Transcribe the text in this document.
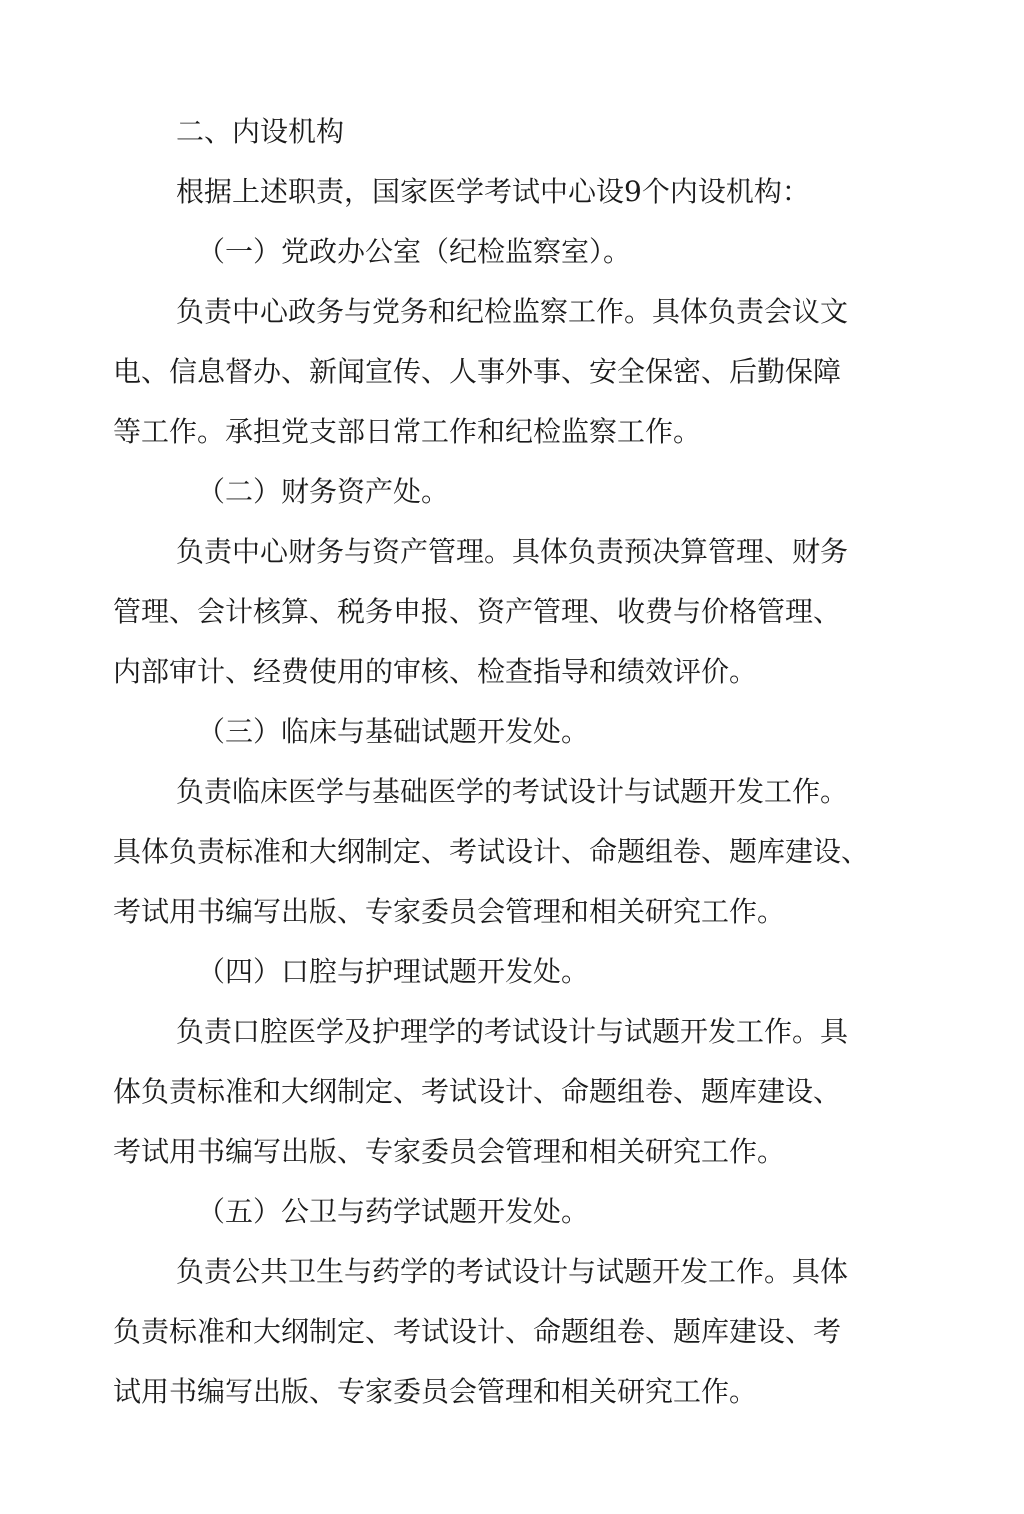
二、内设机构
根据上述职责，国家医学考试中心设9个内设机构：
（一）党政办公室（纪检监察室）。
负责中心政务与党务和纪检监察工作。具体负责会议文
电、信息督办、新闻宣传、人事外事、安全保密、后勤保障
等工作。承担党支部日常工作和纪检监察工作。
（二）财务资产处。
负责中心财务与资产管理。具体负责预决算管理、财务
管理、会计核算、税务申报、资产管理、收费与价格管理、
内部审计、经费使用的审核、检查指导和绩效评价。
（三）临床与基础试题开发处。
负责临床医学与基础医学的考试设计与试题开发工作。
具体负责标准和大纲制定、考试设计、命题组卷、题库建设、
考试用书编写出版、专家委员会管理和相关研究工作。
（四）口腔与护理试题开发处。
负责口腔医学及护理学的考试设计与试题开发工作。具
体负责标准和大纲制定、考试设计、命题组卷、题库建设、
考试用书编写出版、专家委员会管理和相关研究工作。
（五）公卫与药学试题开发处。
负责公共卫生与药学的考试设计与试题开发工作。具体
负责标准和大纲制定、考试设计、命题组卷、题库建设、考
试用书编写出版、专家委员会管理和相关研究工作。
